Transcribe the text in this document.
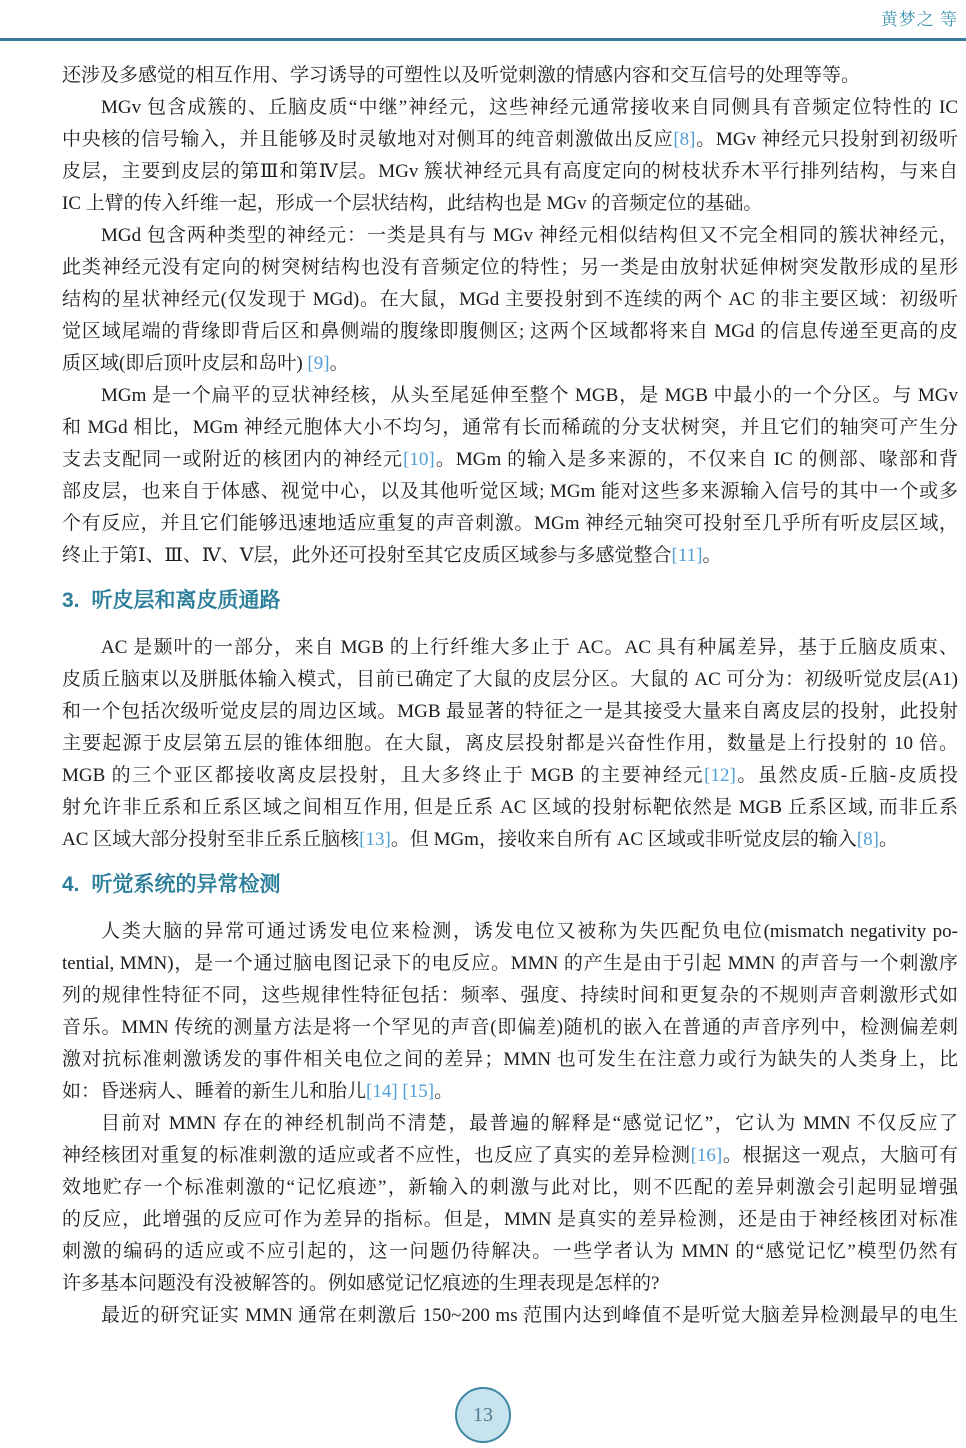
黄梦之 等
还涉及多感觉的相互作用、学习诱导的可塑性以及听觉刺激的情感内容和交互信号的处理等等。
MGv 包含成簇的、丘脑皮质“中继”神经元，这些神经元通常接收来自同侧具有音频定位特性的 IC
中央核的信号输入，并且能够及时灵敏地对对侧耳的纯音刺激做出反应[8]。MGv 神经元只投射到初级听
皮层，主要到皮层的第Ⅲ和第Ⅳ层。MGv 簇状神经元具有高度定向的树枝状乔木平行排列结构，与来自
IC 上臂的传入纤维一起，形成一个层状结构，此结构也是 MGv 的音频定位的基础。
MGd 包含两种类型的神经元：一类是具有与 MGv 神经元相似结构但又不完全相同的簇状神经元，
此类神经元没有定向的树突树结构也没有音频定位的特性；另一类是由放射状延伸树突发散形成的星形
结构的星状神经元(仅发现于 MGd)。在大鼠，MGd 主要投射到不连续的两个 AC 的非主要区域：初级听
觉区域尾端的背缘即背后区和鼻侧端的腹缘即腹侧区; 这两个区域都将来自 MGd 的信息传递至更高的皮
质区域(即后顶叶皮层和岛叶) [9]。
MGm 是一个扁平的豆状神经核，从头至尾延伸至整个 MGB，是 MGB 中最小的一个分区。与 MGv
和 MGd 相比，MGm 神经元胞体大小不均匀，通常有长而稀疏的分支状树突，并且它们的轴突可产生分
支去支配同一或附近的核团内的神经元[10]。MGm 的输入是多来源的，不仅来自 IC 的侧部、喙部和背
部皮层，也来自于体感、视觉中心，以及其他听觉区域; MGm 能对这些多来源输入信号的其中一个或多
个有反应，并且它们能够迅速地适应重复的声音刺激。MGm 神经元轴突可投射至几乎所有听皮层区域，
终止于第Ⅰ、Ⅲ、Ⅳ、Ⅴ层，此外还可投射至其它皮质区域参与多感觉整合[11]。
3. 听皮层和离皮质通路
AC 是颞叶的一部分，来自 MGB 的上行纤维大多止于 AC。AC 具有种属差异，基于丘脑皮质束、
皮质丘脑束以及胼胝体输入模式，目前已确定了大鼠的皮层分区。大鼠的 AC 可分为：初级听觉皮层(A1)
和一个包括次级听觉皮层的周边区域。MGB 最显著的特征之一是其接受大量来自离皮层的投射，此投射
主要起源于皮层第五层的锥体细胞。在大鼠，离皮层投射都是兴奋性作用，数量是上行投射的 10 倍。
MGB 的三个亚区都接收离皮层投射，且大多终止于 MGB 的主要神经元[12]。虽然皮质‐丘脑‐皮质投
射允许非丘系和丘系区域之间相互作用, 但是丘系 AC 区域的投射标靶依然是 MGB 丘系区域, 而非丘系
AC 区域大部分投射至非丘系丘脑核[13]。但 MGm，接收来自所有 AC 区域或非听觉皮层的输入[8]。
4. 听觉系统的异常检测
人类大脑的异常可通过诱发电位来检测，诱发电位又被称为失匹配负电位(mismatch negativity po-
tential, MMN)，是一个通过脑电图记录下的电反应。MMN 的产生是由于引起 MMN 的声音与一个刺激序
列的规律性特征不同，这些规律性特征包括：频率、强度、持续时间和更复杂的不规则声音刺激形式如
音乐。MMN 传统的测量方法是将一个罕见的声音(即偏差)随机的嵌入在普通的声音序列中，检测偏差刺
激对抗标准刺激诱发的事件相关电位之间的差异；MMN 也可发生在注意力或行为缺失的人类身上，比
如：昏迷病人、睡着的新生儿和胎儿[14] [15]。
目前对 MMN 存在的神经机制尚不清楚，最普遍的解释是“感觉记忆”，它认为 MMN 不仅反应了
神经核团对重复的标准刺激的适应或者不应性，也反应了真实的差异检测[16]。根据这一观点，大脑可有
效地贮存一个标准刺激的“记忆痕迹”，新输入的刺激与此对比，则不匹配的差异刺激会引起明显增强
的反应，此增强的反应可作为差异的指标。但是，MMN 是真实的差异检测，还是由于神经核团对标准
刺激的编码的适应或不应引起的，这一问题仍待解决。一些学者认为 MMN 的“感觉记忆”模型仍然有
许多基本问题没有没被解答的。例如感觉记忆痕迹的生理表现是怎样的?
最近的研究证实 MMN 通常在刺激后 150~200 ms 范围内达到峰值不是听觉大脑差异检测最早的电生
13
